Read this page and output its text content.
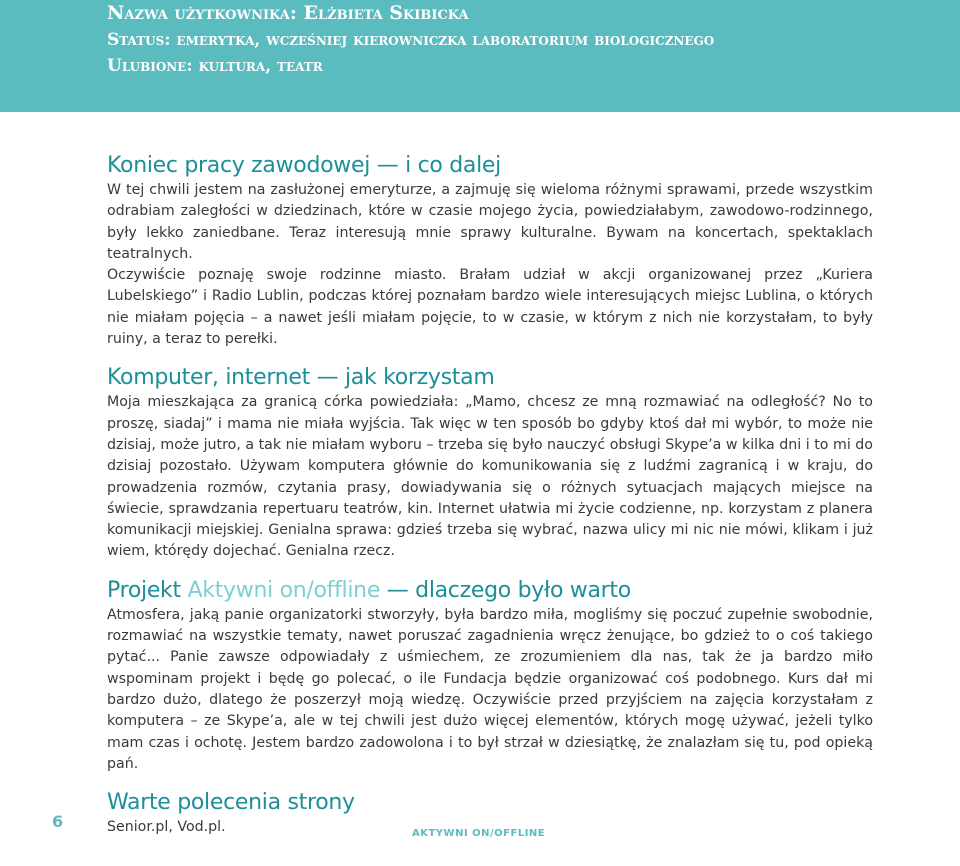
Nazwa użytkownika: Elżbieta Skibicka
Status: emerytka, wcześniej kierowniczka laboratorium biologicznego
Ulubione: kultura, teatr
Koniec pracy zawodowej — i co dalej

W tej chwili jestem na zasłużonej emeryturze, a zajmuję się wieloma różnymi sprawami, przede wszystkim odrabiam zaległości w dziedzinach, które w czasie mojego życia, powiedziałabym, zawodowo-rodzinnego, były lekko zaniedbane. Teraz interesują mnie sprawy kulturalne. Bywam na koncertach, spektaklach teatralnych.

Oczywiście poznaję swoje rodzinne miasto. Brałam udział w akcji organizowanej przez „Kuriera Lubelskiego” i Radio Lublin, podczas której poznałam bardzo wiele interesujących miejsc Lublina, o których nie miałam pojęcia – a nawet jeśli miałam pojęcie, to w czasie, w którym z nich nie korzystałam, to były ruiny, a teraz to perełki.

Komputer, internet — jak korzystam

Moja mieszkająca za granicą córka powiedziała: „Mamo, chcesz ze mną rozmawiać na odległość? No to proszę, siadaj” i mama nie miała wyjścia. Tak więc w ten sposób bo gdyby ktoś dał mi wybór, to może nie dzisiaj, może jutro, a tak nie miałam wyboru – trzeba się było nauczyć obsługi Skype’a w kilka dni i to mi do dzisiaj pozostało. Używam komputera głównie do komunikowania się z ludźmi zagranicą i w kraju, do prowadzenia rozmów, czytania prasy, dowiadywania się o różnych sytuacjach mających miejsce na świecie, sprawdzania repertuaru teatrów, kin. Internet ułatwia mi życie codzienne, np. korzystam z planera komunikacji miejskiej. Genialna sprawa: gdzieś trzeba się wybrać, nazwa ulicy mi nic nie mówi, klikam i już wiem, którędy dojechać. Genialna rzecz.

Projekt Aktywni on/offline — dlaczego było warto

Atmosfera, jaką panie organizatorki stworzyły, była bardzo miła, mogliśmy się poczuć zupełnie swobodnie, rozmawiać na wszystkie tematy, nawet poruszać zagadnienia wręcz żenujące, bo gdzież to o coś takiego pytać... Panie zawsze odpowiadały z uśmiechem, ze zrozumieniem dla nas, tak że ja bardzo miło wspominam projekt i będę go polecać, o ile Fundacja będzie organizować coś podobnego. Kurs dał mi bardzo dużo, dlatego że poszerzył moją wiedzę. Oczywiście przed przyjściem na zajęcia korzystałam z komputera – ze Skype’a, ale w tej chwili jest dużo więcej elementów, których mogę używać, jeżeli tylko mam czas i ochotę. Jestem bardzo zadowolona i to był strzał w dziesiątkę, że znalazłam się tu, pod opieką pań.

Warte polecenia strony

Senior.pl, Vod.pl.

6
AKTYWNI ON/OFFLINE
